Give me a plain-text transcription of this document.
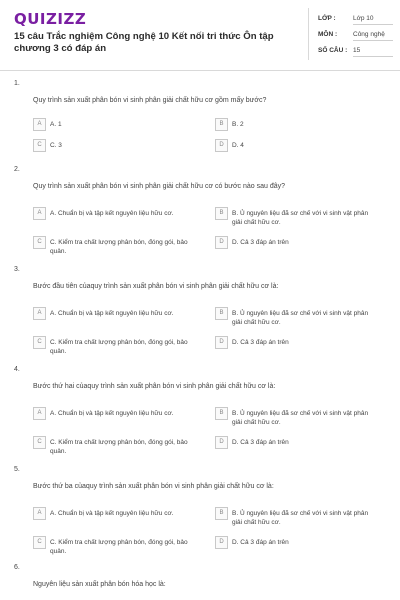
QUIZIZZ
15 câu Trắc nghiệm Công nghệ 10 Kết nối tri thức Ôn tập chương 3 có đáp án
LỚP :	Lớp 10
MÔN : Công nghệ
SỐ CÂU : 15
1.
Quy trình sản xuất phân bón vi sinh phân giải chất hữu cơ gồm mấy bước?
A	A. 1	B	B. 2
C	C. 3	D	D. 4
2.
Quy trình sản xuất phân bón vi sinh phân giải chất hữu cơ có bước nào sau đây?
A	A. Chuẩn bị và tập kết nguyên liệu hữu cơ.	B	B. Ủ nguyên liệu đã sơ chế với vi sinh vật phân giải chất hữu cơ.
C	C. Kiểm tra chất lượng phân bón, đóng gói, bảo quản.
D	D. Cả 3 đáp án trên
3.
Bước đầu tiên củaquy trình sản xuất phân bón vi sinh phân giải chất hữu cơ là:
A	A. Chuẩn bị và tập kết nguyên liệu hữu cơ.	B	B. Ủ nguyên liệu đã sơ chế với vi sinh vật phân giải chất hữu cơ.
C	C. Kiểm tra chất lượng phân bón, đóng gói, bảo quản.
D	D. Cả 3 đáp án trên
4.
Bước thứ hai củaquy trình sản xuất phân bón vi sinh phân giải chất hữu cơ là:
A	A. Chuẩn bị và tập kết nguyên liệu hữu cơ.	B	B. Ủ nguyên liệu đã sơ chế với vi sinh vật phân giải chất hữu cơ.
C	C. Kiểm tra chất lượng phân bón, đóng gói, bảo quản.
D	D. Cả 3 đáp án trên
5.
Bước thứ ba củaquy trình sản xuất phân bón vi sinh phân giải chất hữu cơ là:
A	A. Chuẩn bị và tập kết nguyên liệu hữu cơ.	B	B. Ủ nguyên liệu đã sơ chế với vi sinh vật phân giải chất hữu cơ.
C	C. Kiểm tra chất lượng phân bón, đóng gói, bảo quản.
D	D. Cả 3 đáp án trên
6.
Nguyên liệu sản xuất phân bón hóa học là:
